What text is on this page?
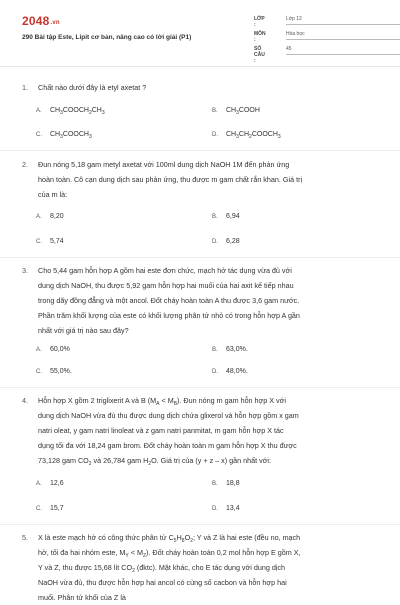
2048.vn
290 Bài tập Este, Lipit cơ bản, nâng cao có lời giải (P1)
LỚP :
Lớp 12
MÔN :
Hóa học
SỐ CÂU :
45
1. Chất nào dưới đây là etyl axetat ?
A. $CH_3COOCH_2CH_3$	B. $CH_3COOH$
C. $CH_3COOCH_3$	D. $CH_3CH_2COOCH_3$
2. Đun nóng 5,18 gam metyl axetat với 100ml dung dịch NaOH 1M đến phản ứng
hoàn toàn. Cô cạn dung dịch sau phản ứng, thu được m gam chất rắn khan. Giá trị
của m là:
A. 8,20	B. 6,94
C. 5,74	D. 6,28
3. Cho 5,44 gam hỗn hợp A gồm hai este đơn chức, mạch hở tác dụng vừa đủ với
dung dịch NaOH, thu được 5,92 gam hỗn hợp hai muối của hai axit kế tiếp nhau
trong dãy đồng đẳng và một ancol. Đốt cháy hoàn toàn A thu được 3,6 gam nước.
Phần trăm khối lượng của este có khối lượng phân tử nhỏ có trong hỗn hợp A gần
nhất với giá trị nào sau đây?
A. 60,0%	B. 63,0%.
C. 55,0%.	D. 48,0%.
4. Hỗn hợp X gồm 2 triglixerit A và B $(M_A < M_B)$. Đun nóng m gam hỗn hợp X với
dung dịch NaOH vừa đủ thu được dung dịch chứa glixerol và hỗn hợp gồm x gam
natri oleat, y gam natri linoleat và z gam natri panmitat, m gam hỗn hợp X tác
dụng tối đa với 18,24 gam brom. Đốt cháy hoàn toàn m gam hỗn hợp X thu được
73,128 gam $CO_2$ và 26,784 gam $H_2O$. Giá trị của (y + z – x) gần nhất với:
A. 12,6	B. 18,8
C. 15,7	D. 13,4
5. X là este mạch hở có công thức phân tử $C_5H_8O_2$; Y và Z là hai este (đều no, mạch
hở, tối đa hai nhóm este, $M_Y < M_Z$). Đốt cháy hoàn toàn 0,2 mol hỗn hợp E gồm X,
Y và Z, thu được 15,68 lít $CO_2$ (đktc). Mặt khác, cho E tác dụng với dung dịch
NaOH vừa đủ, thu được hỗn hợp hai ancol có cùng số cacbon và hỗn hợp hai
muối. Phân tử khối của Z là
